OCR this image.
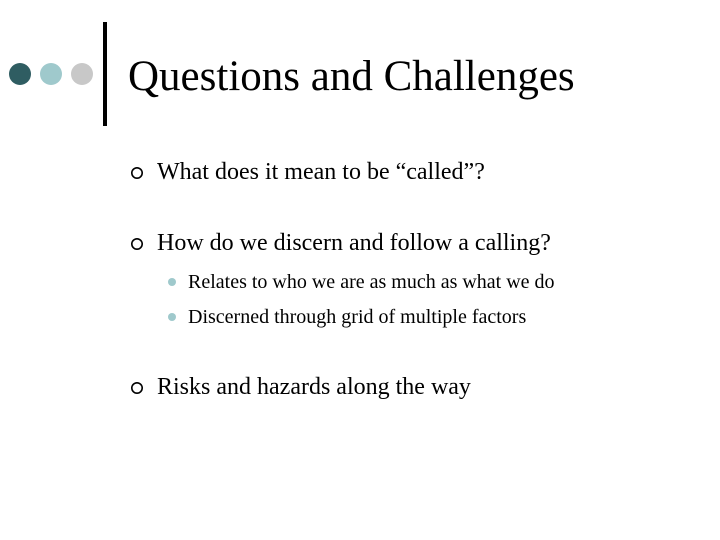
Questions and Challenges
What does it mean to be “called”?
How do we discern and follow a calling?
Relates to who we are as much as what we do
Discerned through grid of multiple factors
Risks and hazards along the way
